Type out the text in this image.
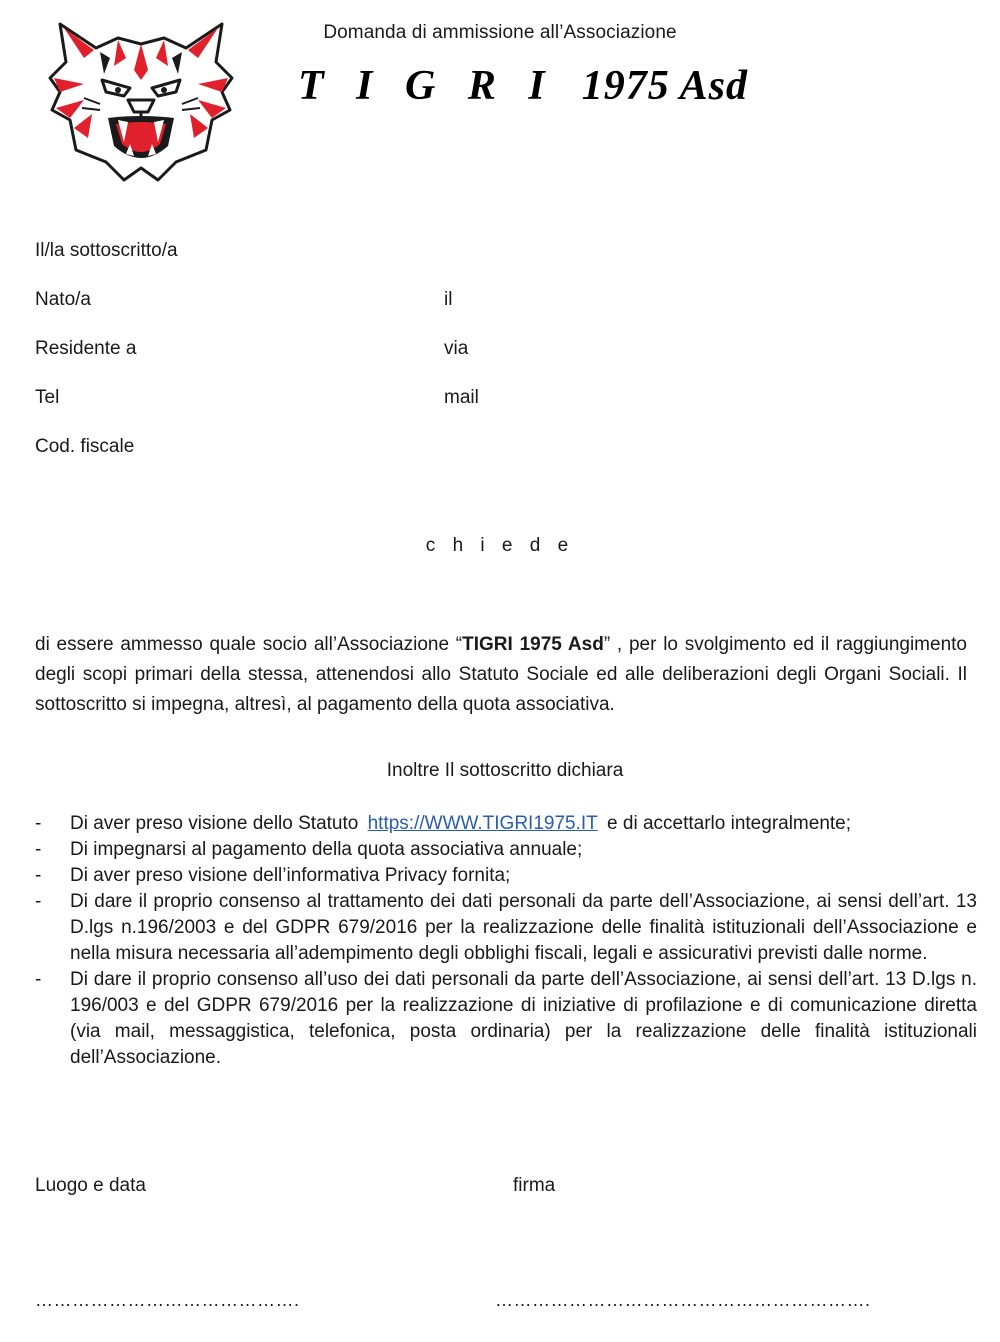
Domanda di ammissione all’Associazione
T I G R I 1975 Asd
Il/la sottoscritto/a
Nato/a	il
Residente a	via
Tel	mail
Cod. fiscale
c h i e d e
di essere ammesso quale socio all’Associazione “TIGRI 1975 Asd” , per lo svolgimento ed il raggiungimento degli scopi primari della stessa, attenendosi allo Statuto Sociale ed alle deliberazioni degli Organi Sociali. Il sottoscritto si impegna, altresì, al pagamento della quota associativa.
Inoltre Il sottoscritto dichiara
- Di aver preso visione dello Statuto https://WWW.TIGRI1975.IT e di accettarlo integralmente;
- Di impegnarsi al pagamento della quota associativa annuale;
- Di aver preso visione dell’informativa Privacy fornita;
- Di dare il proprio consenso al trattamento dei dati personali da parte dell’Associazione, ai sensi dell’art. 13 D.lgs n.196/2003 e del GDPR 679/2016 per la realizzazione delle finalità istituzionali dell’Associazione e nella misura necessaria all’adempimento degli obblighi fiscali, legali e assicurativi previsti dalle norme.
- Di dare il proprio consenso all’uso dei dati personali da parte dell’Associazione, ai sensi dell’art. 13 D.lgs n. 196/003 e del GDPR 679/2016 per la realizzazione di iniziative di profilazione e di comunicazione diretta (via mail, messaggistica, telefonica, posta ordinaria) per la realizzazione delle finalità istituzionali dell’Associazione.
Luogo e data	firma
…………………………………….	…………………………………………………….
